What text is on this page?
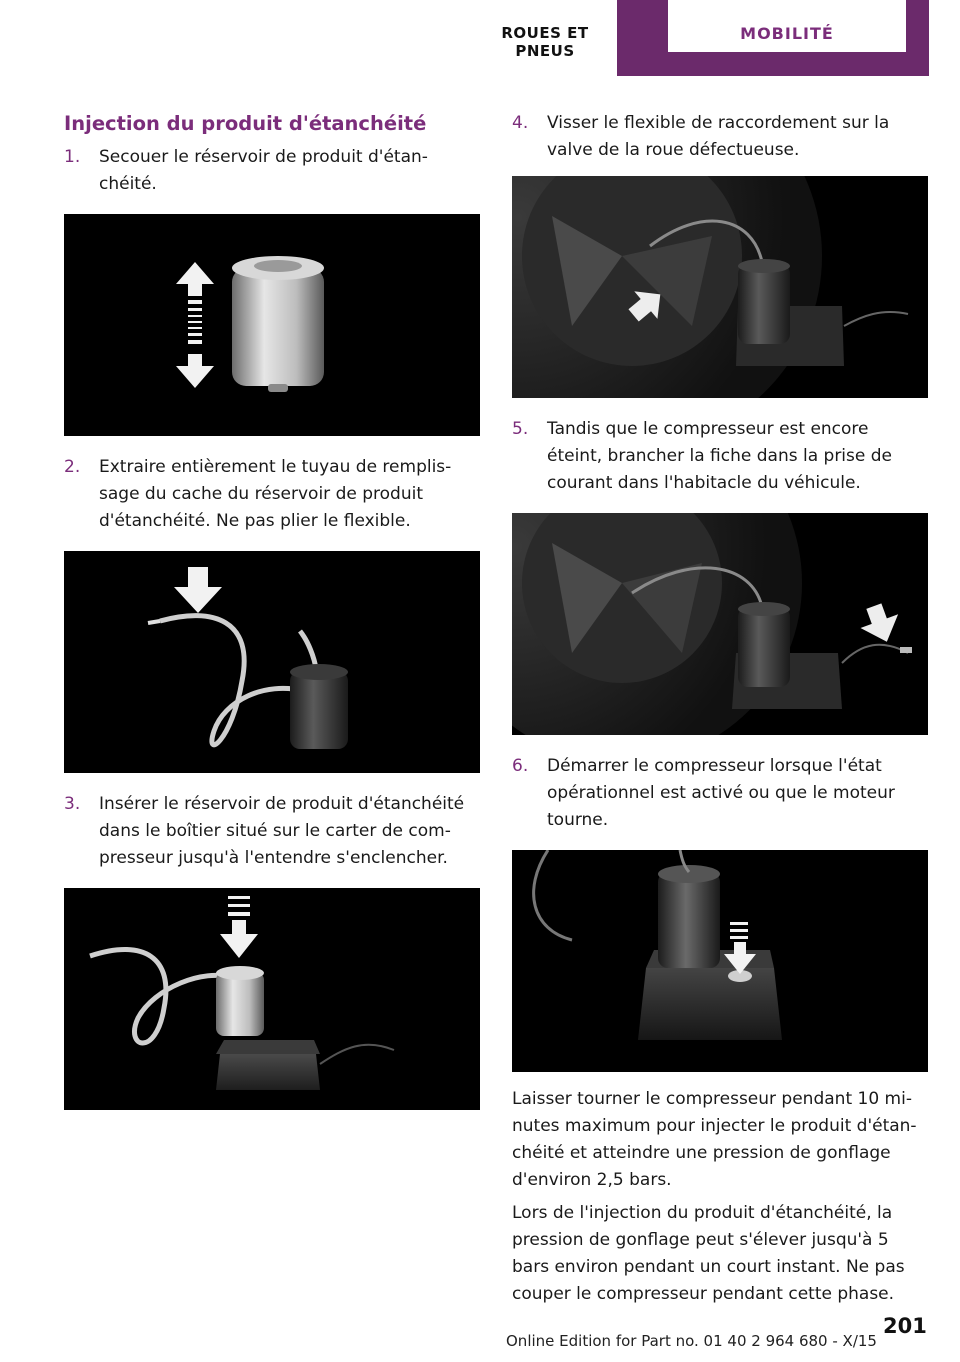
ROUES ET PNEUS
MOBILITÉ
Injection du produit d'étanchéité
1.	Secouer le réservoir de produit d'étan-
chéité.
2.	Extraire entièrement le tuyau de remplis-
sage du cache du réservoir de produit
d'étanchéité. Ne pas plier le flexible.
3.	Insérer le réservoir de produit d'étanchéité
dans le boîtier situé sur le carter de com-
presseur jusqu'à l'entendre s'enclencher.
4.	Visser le flexible de raccordement sur la
valve de la roue défectueuse.
5.	Tandis que le compresseur est encore
éteint, brancher la fiche dans la prise de
courant dans l'habitacle du véhicule.
6.	Démarrer le compresseur lorsque l'état
opérationnel est activé ou que le moteur
tourne.

Laisser tourner le compresseur pendant 10 mi-
nutes maximum pour injecter le produit d'étan-
chéité et atteindre une pression de gonflage
d'environ 2,5 bars.

Lors de l'injection du produit d'étanchéité, la
pression de gonflage peut s'élever jusqu'à 5
bars environ pendant un court instant. Ne pas
couper le compresseur pendant cette phase.

201
Online Edition for Part no. 01 40 2 964 680 - X/15
